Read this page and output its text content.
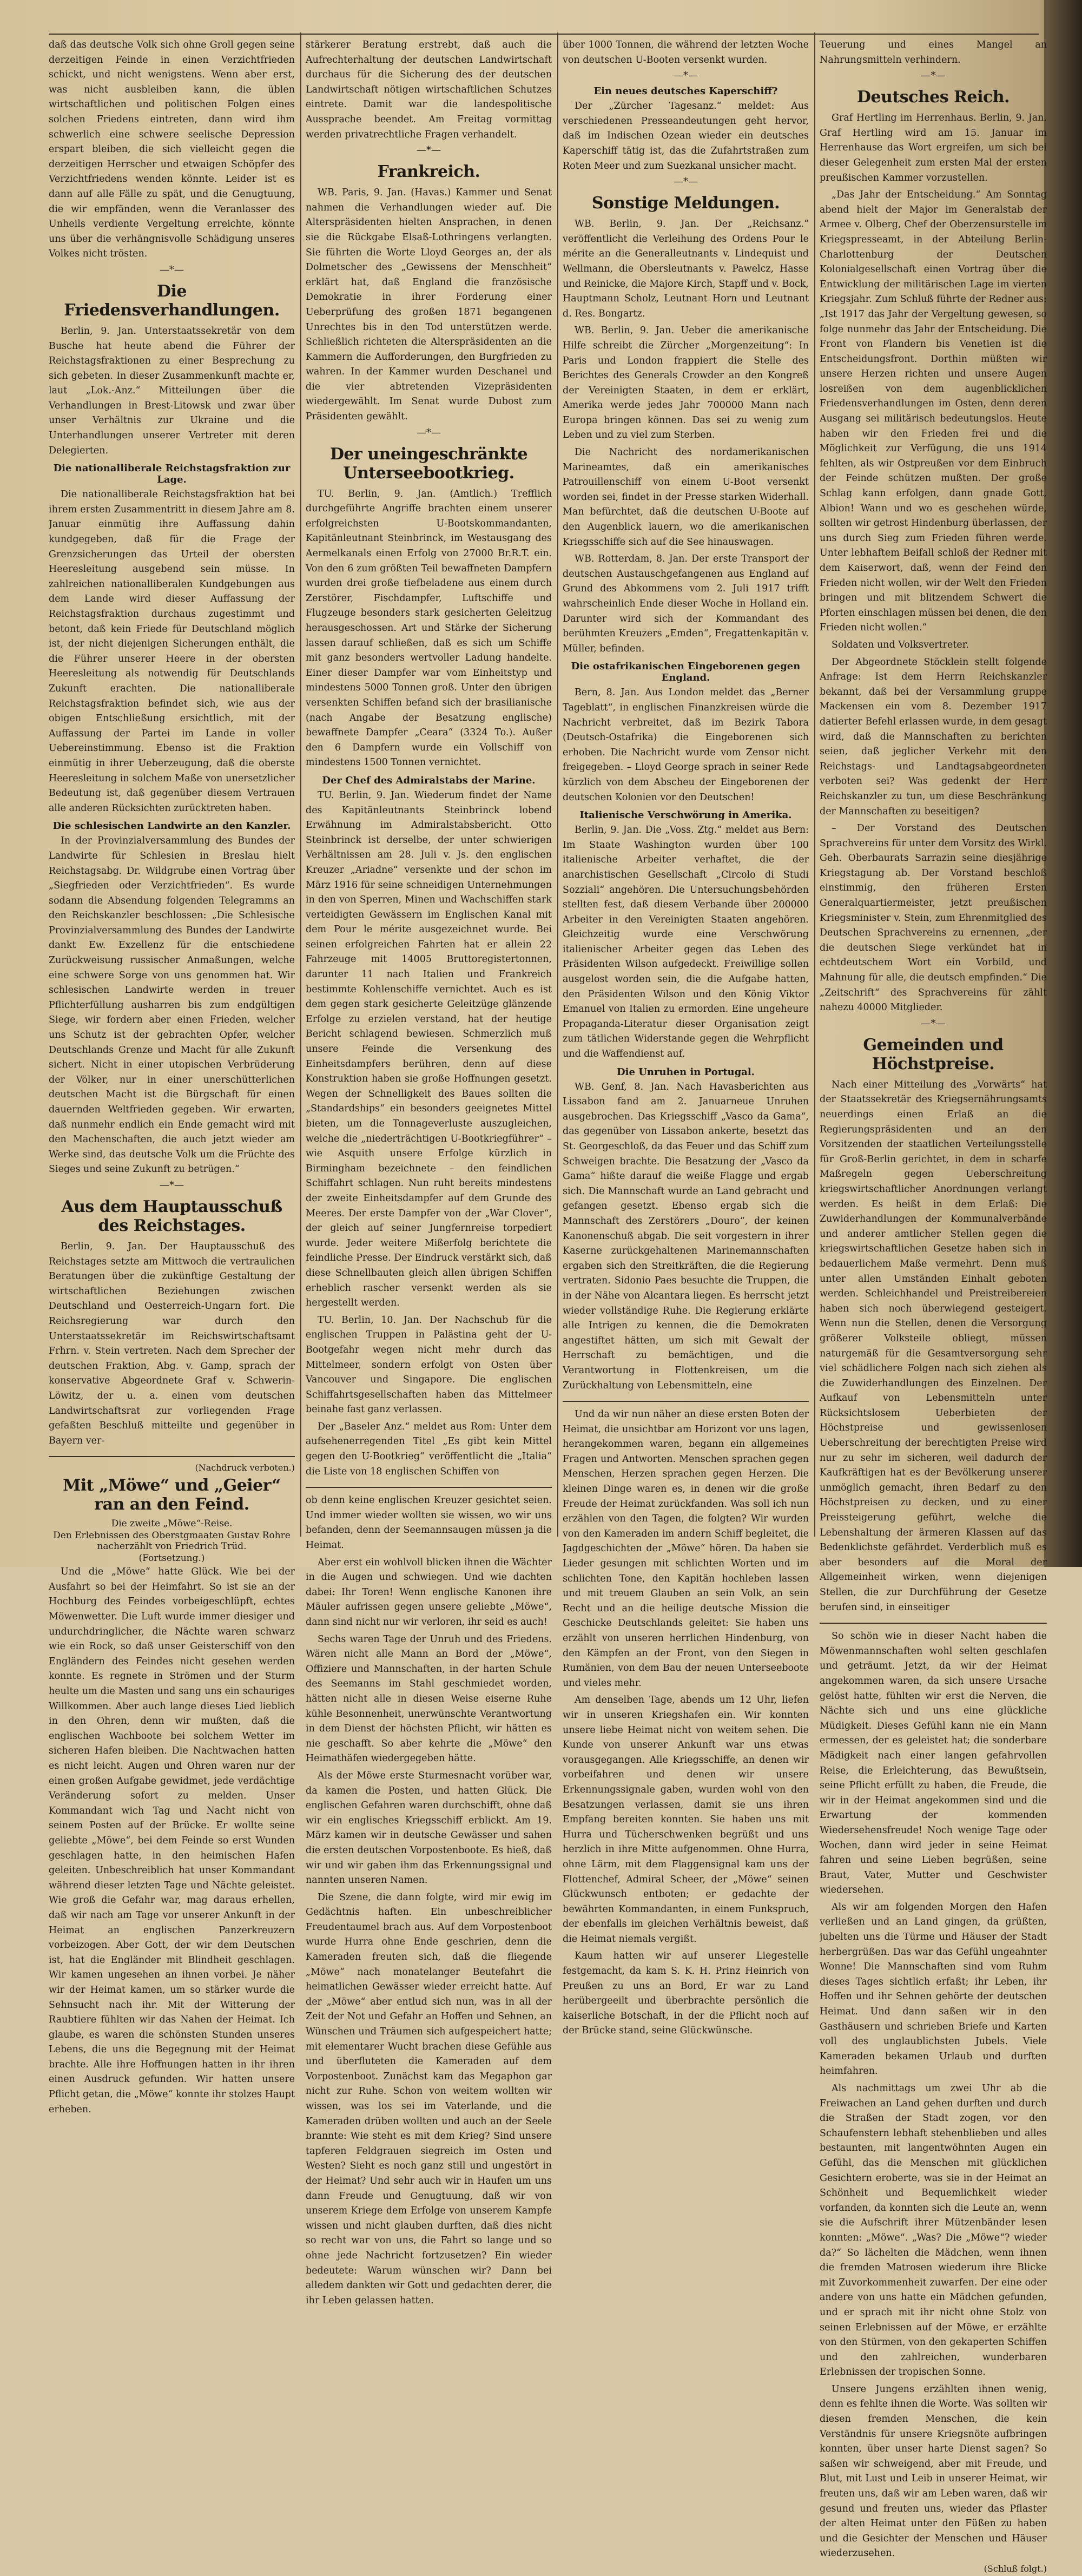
daß das deutsche Volk sich ohne Groll gegen seine derzeitigen Feinde in einen Verzichtfrieden schickt, und nicht wenigstens. Wenn aber erst, was nicht ausbleiben kann, die üblen wirtschaftlichen und politischen Folgen eines solchen Friedens eintreten, dann wird ihm schwerlich eine schwere seelische Depression erspart bleiben, die sich vielleicht gegen die derzeitigen Herrscher und etwaigen Schöpfer des Verzichtfriedens wenden könnte. Leider ist es dann auf alle Fälle zu spät, und die Genugtuung, die wir empfänden, wenn die Veranlasser des Unheils verdiente Vergeltung erreichte, könnte uns über die verhängnisvolle Schädigung unseres Volkes nicht trösten.

—*—
Die Friedensverhandlungen.

Berlin, 9. Jan. Unterstaatssekretär von dem Busche hat heute abend die Führer der Reichstagsfraktionen zu einer Besprechung zu sich gebeten. In dieser Zusammenkunft machte er, laut „Lok.-Anz.“ Mitteilungen über die Verhandlungen in Brest-Litowsk und zwar über unser Verhältnis zur Ukraine und die Unterhandlungen unserer Vertreter mit deren Delegierten.

Die nationalliberale Reichstagsfraktion zur Lage.

Die nationalliberale Reichstagsfraktion hat bei ihrem ersten Zusammentritt in diesem Jahre am 8. Januar einmütig ihre Auffassung dahin kundgegeben, daß für die Frage der Grenzsicherungen das Urteil der obersten Heeresleitung ausgebend sein müsse. In zahlreichen nationalliberalen Kundgebungen aus dem Lande wird dieser Auffassung der Reichstagsfraktion durchaus zugestimmt und betont, daß kein Friede für Deutschland möglich ist, der nicht diejenigen Sicherungen enthält, die die Führer unserer Heere in der obersten Heeresleitung als notwendig für Deutschlands Zukunft erachten. Die nationalliberale Reichstagsfraktion befindet sich, wie aus der obigen Entschließung ersichtlich, mit der Auffassung der Partei im Lande in voller Uebereinstimmung. Ebenso ist die Fraktion einmütig in ihrer Ueberzeugung, daß die oberste Heeresleitung in solchem Maße von unersetzlicher Bedeutung ist, daß gegenüber diesem Vertrauen alle anderen Rücksichten zurücktreten haben.

Die schlesischen Landwirte an den Kanzler.

In der Provinzialversammlung des Bundes der Landwirte für Schlesien in Breslau hielt Reichstagsabg. Dr. Wildgrube einen Vortrag über „Siegfrieden oder Verzichtfrieden“. Es wurde sodann die Absendung folgenden Telegramms an den Reichskanzler beschlossen: „Die Schlesische Provinzialversammlung des Bundes der Landwirte dankt Ew. Exzellenz für die entschiedene Zurückweisung russischer Anmaßungen, welche eine schwere Sorge von uns genommen hat. Wir schlesischen Landwirte werden in treuer Pflichterfüllung ausharren bis zum endgültigen Siege, wir fordern aber einen Frieden, welcher uns Schutz ist der gebrachten Opfer, welcher Deutschlands Grenze und Macht für alle Zukunft sichert. Nicht in einer utopischen Verbrüderung der Völker, nur in einer unerschütterlichen deutschen Macht ist die Bürgschaft für einen dauernden Weltfrieden gegeben. Wir erwarten, daß nunmehr endlich ein Ende gemacht wird mit den Machenschaften, die auch jetzt wieder am Werke sind, das deutsche Volk um die Früchte des Sieges und seine Zukunft zu betrügen.“

—*—
Aus dem Hauptausschuß des Reichstages.

Berlin, 9. Jan. Der Hauptausschuß des Reichstages setzte am Mittwoch die vertraulichen Beratungen über die zukünftige Gestaltung der wirtschaftlichen Beziehungen zwischen Deutschland und Oesterreich-Ungarn fort. Die Reichsregierung war durch den Unterstaatssekretär im Reichswirtschaftsamt Frhrn. v. Stein vertreten. Nach dem Sprecher der deutschen Fraktion, Abg. v. Gamp, sprach der konservative Abgeordnete Graf v. Schwerin-Löwitz, der u. a. einen vom deutschen Landwirtschaftsrat zur vorliegenden Frage gefaßten Beschluß mitteilte und gegenüber in Bayern ver-

(Nachdruck verboten.)
Mit „Möwe“ und „Geier“ ran an den Feind.
Die zweite „Möwe“-Reise.
Den Erlebnissen des Oberstgmaaten Gustav Rohre nacherzählt von Friedrich Trüd.
(Fortsetzung.)

Und die „Möwe“ hatte Glück. Wie bei der Ausfahrt so bei der Heimfahrt. So ist sie an der Hochburg des Feindes vorbeigeschlüpft, echtes Möwenwetter. Die Luft wurde immer diesiger und undurchdringlicher, die Nächte waren schwarz wie ein Rock, so daß unser Geisterschiff von den Engländern des Feindes nicht gesehen werden konnte. Es regnete in Strömen und der Sturm heulte um die Masten und sang uns ein schauriges Willkommen. Aber auch lange dieses Lied lieblich in den Ohren, denn wir mußten, daß die englischen Wachboote bei solchem Wetter im sicheren Hafen bleiben. Die Nachtwachen hatten es nicht leicht. Augen und Ohren waren nur der einen großen Aufgabe gewidmet, jede verdächtige Veränderung sofort zu melden. Unser Kommandant wich Tag und Nacht nicht von seinem Posten auf der Brücke. Er wollte seine geliebte „Möwe“, bei dem Feinde so erst Wunden geschlagen hatte, in den heimischen Hafen geleiten. Unbeschreiblich hat unser Kommandant während dieser letzten Tage und Nächte geleistet. Wie groß die Gefahr war, mag daraus erhellen, daß wir nach am Tage vor unserer Ankunft in der Heimat an englischen Panzerkreuzern vorbeizogen. Aber Gott, der wir dem Deutschen ist, hat die Engländer mit Blindheit geschlagen. Wir kamen ungesehen an ihnen vorbei. Je näher wir der Heimat kamen, um so stärker wurde die Sehnsucht nach ihr. Mit der Witterung der Raubtiere fühlten wir das Nahen der Heimat. Ich glaube, es waren die schönsten Stunden unseres Lebens, die uns die Begegnung mit der Heimat brachte. Alle ihre Hoffnungen hatten in ihr ihren einen Ausdruck gefunden. Wir hatten unsere Pflicht getan, die „Möwe“ konnte ihr stolzes Haupt erheben.

stärkerer Beratung erstrebt, daß auch die Aufrechterhaltung der deutschen Landwirtschaft durchaus für die Sicherung des der deutschen Landwirtschaft nötigen wirtschaftlichen Schutzes eintrete. Damit war die landespolitische Aussprache beendet. Am Freitag vormittag werden privatrechtliche Fragen verhandelt.

—*—
Frankreich.

WB. Paris, 9. Jan. (Havas.) Kammer und Senat nahmen die Verhandlungen wieder auf. Die Alterspräsidenten hielten Ansprachen, in denen sie die Rückgabe Elsaß-Lothringens verlangten. Sie führten die Worte Lloyd Georges an, der als Dolmetscher des „Gewissens der Menschheit“ erklärt hat, daß England die französische Demokratie in ihrer Forderung einer Ueberprüfung des großen 1871 begangenen Unrechtes bis in den Tod unterstützen werde. Schließlich richteten die Alterspräsidenten an die Kammern die Aufforderungen, den Burgfrieden zu wahren. In der Kammer wurden Deschanel und die vier abtretenden Vizepräsidenten wiedergewählt. Im Senat wurde Dubost zum Präsidenten gewählt.

—*—
Der uneingeschränkte Unterseebootkrieg.

TU. Berlin, 9. Jan. (Amtlich.) Trefflich durchgeführte Angriffe brachten einem unserer erfolgreichsten U-Bootskommandanten, Kapitänleutnant Steinbrinck, im Westausgang des Aermelkanals einen Erfolg von 27000 Br.R.T. ein. Von den 6 zum größten Teil bewaffneten Dampfern wurden drei große tiefbeladene aus einem durch Zerstörer, Fischdampfer, Luftschiffe und Flugzeuge besonders stark gesicherten Geleitzug herausgeschossen. Art und Stärke der Sicherung lassen darauf schließen, daß es sich um Schiffe mit ganz besonders wertvoller Ladung handelte. Einer dieser Dampfer war vom Einheitstyp und mindestens 5000 Tonnen groß. Unter den übrigen versenkten Schiffen befand sich der brasilianische (nach Angabe der Besatzung englische) bewaffnete Dampfer „Ceara“ (3324 To.). Außer den 6 Dampfern wurde ein Vollschiff von mindestens 1500 Tonnen vernichtet.

Der Chef des Admiralstabs der Marine.

TU. Berlin, 9. Jan. Wiederum findet der Name des Kapitänleutnants Steinbrinck lobend Erwähnung im Admiralstabsbericht. Otto Steinbrinck ist derselbe, der unter schwierigen Verhältnissen am 28. Juli v. Js. den englischen Kreuzer „Ariadne“ versenkte und der schon im März 1916 für seine schneidigen Unternehmungen in den von Sperren, Minen und Wachschiffen stark verteidigten Gewässern im Englischen Kanal mit dem Pour le mérite ausgezeichnet wurde. Bei seinen erfolgreichen Fahrten hat er allein 22 Fahrzeuge mit 14005 Bruttoregistertonnen, darunter 11 nach Italien und Frankreich bestimmte Kohlenschiffe vernichtet. Auch es ist dem gegen stark gesicherte Geleitzüge glänzende Erfolge zu erzielen verstand, hat der heutige Bericht schlagend bewiesen. Schmerzlich muß unsere Feinde die Versenkung des Einheitsdampfers berühren, denn auf diese Konstruktion haben sie große Hoffnungen gesetzt. Wegen der Schnelligkeit des Baues sollten die „Standardships“ ein besonders geeignetes Mittel bieten, um die Tonnageverluste auszugleichen, welche die „niederträchtigen U-Bootkriegführer“ – wie Asquith unsere Erfolge kürzlich in Birmingham bezeichnete – den feindlichen Schiffahrt schlagen. Nun ruht bereits mindestens der zweite Einheitsdampfer auf dem Grunde des Meeres. Der erste Dampfer von der „War Clover“, der gleich auf seiner Jungfernreise torpediert wurde. Jeder weitere Mißerfolg berichtete die feindliche Presse. Der Eindruck verstärkt sich, daß diese Schnellbauten gleich allen übrigen Schiffen erheblich rascher versenkt werden als sie hergestellt werden.

TU. Berlin, 10. Jan. Der Nachschub für die englischen Truppen in Palästina geht der U-Bootgefahr wegen nicht mehr durch das Mittelmeer, sondern erfolgt von Osten über Vancouver und Singapore. Die englischen Schiffahrtsgesellschaften haben das Mittelmeer beinahe fast ganz verlassen.

Der „Baseler Anz.“ meldet aus Rom: Unter dem aufsehenerregenden Titel „Es gibt kein Mittel gegen den U-Bootkrieg“ veröffentlicht die „Italia“ die Liste von 18 englischen Schiffen von

ob denn keine englischen Kreuzer gesichtet seien. Und immer wieder wollten sie wissen, wo wir uns befanden, denn der Seemannsaugen müssen ja die Heimat.

Aber erst ein wohlvoll blicken ihnen die Wächter in die Augen und schwiegen. Und wie dachten dabei: Ihr Toren! Wenn englische Kanonen ihre Mäuler aufrissen gegen unsere geliebte „Möwe“, dann sind nicht nur wir verloren, ihr seid es auch!

Sechs waren Tage der Unruh und des Friedens. Wären nicht alle Mann an Bord der „Möwe“, Offiziere und Mannschaften, in der harten Schule des Seemanns im Stahl geschmiedet worden, hätten nicht alle in diesen Weise eiserne Ruhe kühle Besonnenheit, unerwünschte Verantwortung in dem Dienst der höchsten Pflicht, wir hätten es nie geschafft. So aber kehrte die „Möwe“ den Heimathäfen wiedergegeben hätte.

Als der Möwe erste Sturmesnacht vorüber war, da kamen die Posten, und hatten Glück. Die englischen Gefahren waren durchschifft, ohne daß wir ein englisches Kriegsschiff erblickt. Am 19. März kamen wir in deutsche Gewässer und sahen die ersten deutschen Vorpostenboote. Es hieß, daß wir und wir gaben ihm das Erkennungssignal und nannten unseren Namen.

Die Szene, die dann folgte, wird mir ewig im Gedächtnis haften. Ein unbeschreiblicher Freudentaumel brach aus. Auf dem Vorpostenboot wurde Hurra ohne Ende geschrien, denn die Kameraden freuten sich, daß die fliegende „Möwe“ nach monatelanger Beutefahrt die heimatlichen Gewässer wieder erreicht hatte. Auf der „Möwe“ aber entlud sich nun, was in all der Zeit der Not und Gefahr an Hoffen und Sehnen, an Wünschen und Träumen sich aufgespeichert hatte; mit elementarer Wucht brachen diese Gefühle aus und überfluteten die Kameraden auf dem Vorpostenboot. Zunächst kam das Megaphon gar nicht zur Ruhe. Schon von weitem wollten wir wissen, was los sei im Vaterlande, und die Kameraden drüben wollten und auch an der Seele brannte: Wie steht es mit dem Krieg? Sind unsere tapferen Feldgrauen siegreich im Osten und Westen? Sieht es noch ganz still und ungestört in der Heimat? Und sehr auch wir in Haufen um uns dann Freude und Genugtuung, daß wir von unserem Kriege dem Erfolge von unserem Kampfe wissen und nicht glauben durften, daß dies nicht so recht war von uns, die Fahrt so lange und so ohne jede Nachricht fortzusetzen? Ein wieder bedeutete: Warum wünschen wir? Dann bei alledem dankten wir Gott und gedachten derer, die ihr Leben gelassen hatten.

über 1000 Tonnen, die während der letzten Woche von deutschen U-Booten versenkt wurden.

—*—
Ein neues deutsches Kaperschiff?

Der „Zürcher Tagesanz.“ meldet: Aus verschiedenen Presseandeutungen geht hervor, daß im Indischen Ozean wieder ein deutsches Kaperschiff tätig ist, das die Zufahrtstraßen zum Roten Meer und zum Suezkanal unsicher macht.

—*—
Sonstige Meldungen.

WB. Berlin, 9. Jan. Der „Reichsanz.“ veröffentlicht die Verleihung des Ordens Pour le mérite an die Generalleutnants v. Lindequist und Wellmann, die Obersleutnants v. Pawelcz, Hasse und Reinicke, die Majore Kirch, Stapff und v. Bock, Hauptmann Scholz, Leutnant Horn und Leutnant d. Res. Bongartz.

WB. Berlin, 9. Jan. Ueber die amerikanische Hilfe schreibt die Zürcher „Morgenzeitung“: In Paris und London frappiert die Stelle des Berichtes des Generals Crowder an den Kongreß der Vereinigten Staaten, in dem er erklärt, Amerika werde jedes Jahr 700000 Mann nach Europa bringen können. Das sei zu wenig zum Leben und zu viel zum Sterben.

Die Nachricht des nordamerikanischen Marineamtes, daß ein amerikanisches Patrouillenschiff von einem U-Boot versenkt worden sei, findet in der Presse starken Widerhall. Man befürchtet, daß die deutschen U-Boote auf den Augenblick lauern, wo die amerikanischen Kriegsschiffe sich auf die See hinauswagen.

WB. Rotterdam, 8. Jan. Der erste Transport der deutschen Austauschgefangenen aus England auf Grund des Abkommens vom 2. Juli 1917 trifft wahrscheinlich Ende dieser Woche in Holland ein. Darunter wird sich der Kommandant des berühmten Kreuzers „Emden“, Fregattenkapitän v. Müller, befinden.

Die ostafrikanischen Eingeborenen gegen England.

Bern, 8. Jan. Aus London meldet das „Berner Tageblatt“, in englischen Finanzkreisen würde die Nachricht verbreitet, daß im Bezirk Tabora (Deutsch-Ostafrika) die Eingeborenen sich erhoben. Die Nachricht wurde vom Zensor nicht freigegeben. – Lloyd George sprach in seiner Rede kürzlich von dem Abscheu der Eingeborenen der deutschen Kolonien vor den Deutschen!

Italienische Verschwörung in Amerika.

Berlin, 9. Jan. Die „Voss. Ztg.“ meldet aus Bern: Im Staate Washington wurden über 100 italienische Arbeiter verhaftet, die der anarchistischen Gesellschaft „Circolo di Studi Sozziali“ angehören. Die Untersuchungsbehörden stellten fest, daß diesem Verbande über 200000 Arbeiter in den Vereinigten Staaten angehören. Gleichzeitig wurde eine Verschwörung italienischer Arbeiter gegen das Leben des Präsidenten Wilson aufgedeckt. Freiwillige sollen ausgelost worden sein, die die Aufgabe hatten, den Präsidenten Wilson und den König Viktor Emanuel von Italien zu ermorden. Eine ungeheure Propaganda-Literatur dieser Organisation zeigt zum tätlichen Widerstande gegen die Wehrpflicht und die Waffendienst auf.

Die Unruhen in Portugal.

WB. Genf, 8. Jan. Nach Havasberichten aus Lissabon fand am 2. Januarneue Unruhen ausgebrochen. Das Kriegsschiff „Vasco da Gama“, das gegenüber von Lissabon ankerte, besetzt das St. Georgeschloß, da das Feuer und das Schiff zum Schweigen brachte. Die Besatzung der „Vasco da Gama“ hißte darauf die weiße Flagge und ergab sich. Die Mannschaft wurde an Land gebracht und gefangen gesetzt. Ebenso ergab sich die Mannschaft des Zerstörers „Douro“, der keinen Kanonenschuß abgab. Die seit vorgestern in ihrer Kaserne zurückgehaltenen Marinemannschaften ergaben sich den Streitkräften, die die Regierung vertraten. Sidonio Paes besuchte die Truppen, die in der Nähe von Alcantara liegen. Es herrscht jetzt wieder vollständige Ruhe. Die Regierung erklärte alle Intrigen zu kennen, die die Demokraten angestiftet hätten, um sich mit Gewalt der Herrschaft zu bemächtigen, und die Verantwortung in Flottenkreisen, um die Zurückhaltung von Lebensmitteln, eine

Und da wir nun näher an diese ersten Boten der Heimat, die unsichtbar am Horizont vor uns lagen, herangekommen waren, begann ein allgemeines Fragen und Antworten. Menschen sprachen gegen Menschen, Herzen sprachen gegen Herzen. Die kleinen Dinge waren es, in denen wir die große Freude der Heimat zurückfanden. Was soll ich nun erzählen von den Tagen, die folgten? Wir wurden von den Kameraden im andern Schiff begleitet, die Jagdgeschichten der „Möwe“ hören. Da haben sie Lieder gesungen mit schlichten Worten und im schlichten Tone, den Kapitän hochleben lassen und mit treuem Glauben an sein Volk, an sein Recht und an die heilige deutsche Mission die Geschicke Deutschlands geleitet: Sie haben uns erzählt von unseren herrlichen Hindenburg, von den Kämpfen an der Front, von den Siegen in Rumänien, von dem Bau der neuen Unterseeboote und vieles mehr.

Am denselben Tage, abends um 12 Uhr, liefen wir in unseren Kriegshafen ein. Wir konnten unsere liebe Heimat nicht von weitem sehen. Die Kunde von unserer Ankunft war uns etwas vorausgegangen. Alle Kriegsschiffe, an denen wir vorbeifahren und denen wir unsere Erkennungssignale gaben, wurden wohl von den Besatzungen verlassen, damit sie uns ihren Empfang bereiten konnten. Sie haben uns mit Hurra und Tücherschwenken begrüßt und uns herzlich in ihre Mitte aufgenommen. Ohne Hurra, ohne Lärm, mit dem Flaggensignal kam uns der Flottenchef, Admiral Scheer, der „Möwe“ seinen Glückwunsch entboten; er gedachte der bewährten Kommandanten, in einem Funkspruch, der ebenfalls im gleichen Verhältnis beweist, daß die Heimat niemals vergißt.

Kaum hatten wir auf unserer Liegestelle festgemacht, da kam S. K. H. Prinz Heinrich von Preußen zu uns an Bord, Er war zu Land herübergeeilt und überbrachte persönlich die kaiserliche Botschaft, in der die Pflicht noch auf der Brücke stand, seine Glückwünsche.

Teuerung und eines Mangel an Nahrungsmitteln verhindern.

—*—
Deutsches Reich.

Graf Hertling im Herrenhaus. Berlin, 9. Jan. Graf Hertling wird am 15. Januar im Herrenhause das Wort ergreifen, um sich bei dieser Gelegenheit zum ersten Mal der ersten preußischen Kammer vorzustellen.

„Das Jahr der Entscheidung.“ Am Sonntag abend hielt der Major im Generalstab der Armee v. Olberg, Chef der Oberzensurstelle im Kriegspresseamt, in der Abteilung Berlin-Charlottenburg der Deutschen Kolonialgesellschaft einen Vortrag über die Entwicklung der militärischen Lage im vierten Kriegsjahr. Zum Schluß führte der Redner aus: „Ist 1917 das Jahr der Vergeltung gewesen, so folge nunmehr das Jahr der Entscheidung. Die Front von Flandern bis Venetien ist die Entscheidungsfront. Dorthin müßten wir unsere Herzen richten und unsere Augen losreißen von dem augenblicklichen Friedensverhandlungen im Osten, denn deren Ausgang sei militärisch bedeutungslos. Heute haben wir den Frieden frei und die Möglichkeit zur Verfügung, die uns 1914 fehlten, als wir Ostpreußen vor dem Einbruch der Feinde schützen mußten. Der große Schlag kann erfolgen, dann gnade Gott, Albion! Wann und wo es geschehen würde, sollten wir getrost Hindenburg überlassen, der uns durch Sieg zum Frieden führen werde. Unter lebhaftem Beifall schloß der Redner mit dem Kaiserwort, daß, wenn der Feind den Frieden nicht wollen, wir der Welt den Frieden bringen und mit blitzendem Schwert die Pforten einschlagen müssen bei denen, die den Frieden nicht wollen.“

Soldaten und Volksvertreter.

Der Abgeordnete Stöcklein stellt folgende Anfrage: Ist dem Herrn Reichskanzler bekannt, daß bei der Versammlung gruppe Mackensen ein vom 8. Dezember 1917 datierter Befehl erlassen wurde, in dem gesagt wird, daß die Mannschaften zu berichten seien, daß jeglicher Verkehr mit den Reichstags- und Landtagsabgeordneten verboten sei? Was gedenkt der Herr Reichskanzler zu tun, um diese Beschränkung der Mannschaften zu beseitigen?

– Der Vorstand des Deutschen Sprachvereins für unter dem Vorsitz des Wirkl. Geh. Oberbaurats Sarrazin seine diesjährige Kriegstagung ab. Der Vorstand beschloß einstimmig, den früheren Ersten Generalquartiermeister, jetzt preußischen Kriegsminister v. Stein, zum Ehrenmitglied des Deutschen Sprachvereins zu ernennen, „der die deutschen Siege verkündet hat in echtdeutschem Wort ein Vorbild, und Mahnung für alle, die deutsch empfinden.“ Die „Zeitschrift“ des Sprachvereins für zählt nahezu 40000 Mitglieder.

—*—
Gemeinden und Höchstpreise.

Nach einer Mitteilung des „Vorwärts“ hat der Staatssekretär des Kriegsernährungsamts neuerdings einen Erlaß an die Regierungspräsidenten und an den Vorsitzenden der staatlichen Verteilungsstelle für Groß-Berlin gerichtet, in dem in scharfe Maßregeln gegen Ueberschreitung kriegswirtschaftlicher Anordnungen verlangt werden. Es heißt in dem Erlaß: Die Zuwiderhandlungen der Kommunalverbände und anderer amtlicher Stellen gegen die kriegswirtschaftlichen Gesetze haben sich in bedauerlichem Maße vermehrt. Denn muß unter allen Umständen Einhalt geboten werden. Schleichhandel und Preistreibereien haben sich noch überwiegend gesteigert. Wenn nun die Stellen, denen die Versorgung größerer Volksteile obliegt, müssen naturgemäß für die Gesamtversorgung sehr viel schädlichere Folgen nach sich ziehen als die Zuwiderhandlungen des Einzelnen. Der Aufkauf von Lebensmitteln unter Rücksichtslosem Ueberbieten der Höchstpreise und gewissenlosen Ueberschreitung der berechtigten Preise wird nur zu sehr im sicheren, weil dadurch der Kaufkräftigen hat es der Bevölkerung unserer unmöglich gemacht, ihren Bedarf zu den Höchstpreisen zu decken, und zu einer Preissteigerung geführt, welche die Lebenshaltung der ärmeren Klassen auf das Bedenklichste gefährdet. Verderblich muß es aber besonders auf die Moral der Allgemeinheit wirken, wenn diejenigen Stellen, die zur Durchführung der Gesetze berufen sind, in einseitiger

So schön wie in dieser Nacht haben die Möwenmannschaften wohl selten geschlafen und geträumt. Jetzt, da wir der Heimat angekommen waren, da sich unsere Ursache gelöst hatte, fühlten wir erst die Nerven, die Nächte sich und uns eine glückliche Müdigkeit. Dieses Gefühl kann nie ein Mann ermessen, der es geleistet hat; die sonderbare Mädigkeit nach einer langen gefahrvollen Reise, die Erleichterung, das Bewußtsein, seine Pflicht erfüllt zu haben, die Freude, die wir in der Heimat angekommen sind und die Erwartung der kommenden Wiedersehensfreude! Noch wenige Tage oder Wochen, dann wird jeder in seine Heimat fahren und seine Lieben begrüßen, seine Braut, Vater, Mutter und Geschwister wiedersehen.

Als wir am folgenden Morgen den Hafen verließen und an Land gingen, da grüßten, jubelten uns die Türme und Häuser der Stadt herbergrüßen. Das war das Gefühl ungeahnter Wonne! Die Mannschaften sind vom Ruhm dieses Tages sichtlich erfaßt; ihr Leben, ihr Hoffen und ihr Sehnen gehörte der deutschen Heimat. Und dann saßen wir in den Gasthäusern und schrieben Briefe und Karten voll des unglaublichsten Jubels. Viele Kameraden bekamen Urlaub und durften heimfahren.

Als nachmittags um zwei Uhr ab die Freiwachen an Land gehen durften und durch die Straßen der Stadt zogen, vor den Schaufenstern lebhaft stehenblieben und alles bestaunten, mit langentwöhnten Augen ein Gefühl, das die Menschen mit glücklichen Gesichtern eroberte, was sie in der Heimat an Schönheit und Bequemlichkeit wieder vorfanden, da konnten sich die Leute an, wenn sie die Aufschrift ihrer Mützenbänder lesen konnten: „Möwe“. „Was? Die „Möwe“? wieder da?“ So lächelten die Mädchen, wenn ihnen die fremden Matrosen wiederum ihre Blicke mit Zuvorkommenheit zuwarfen. Der eine oder andere von uns hatte ein Mädchen gefunden, und er sprach mit ihr nicht ohne Stolz von seinen Erlebnissen auf der Möwe, er erzählte von den Stürmen, von den gekaperten Schiffen und den zahlreichen, wunderbaren Erlebnissen der tropischen Sonne.

Unsere Jungens erzählten ihnen wenig, denn es fehlte ihnen die Worte. Was sollten wir diesen fremden Menschen, die kein Verständnis für unsere Kriegsnöte aufbringen konnten, über unser harte Dienst sagen? So saßen wir schweigend, aber mit Freude, und Blut, mit Lust und Leib in unserer Heimat, wir freuten uns, daß wir am Leben waren, daß wir gesund und freuten uns, wieder das Pflaster der alten Heimat unter den Füßen zu haben und die Gesichter der Menschen und Häuser wiederzusehen.

(Schluß folgt.)
